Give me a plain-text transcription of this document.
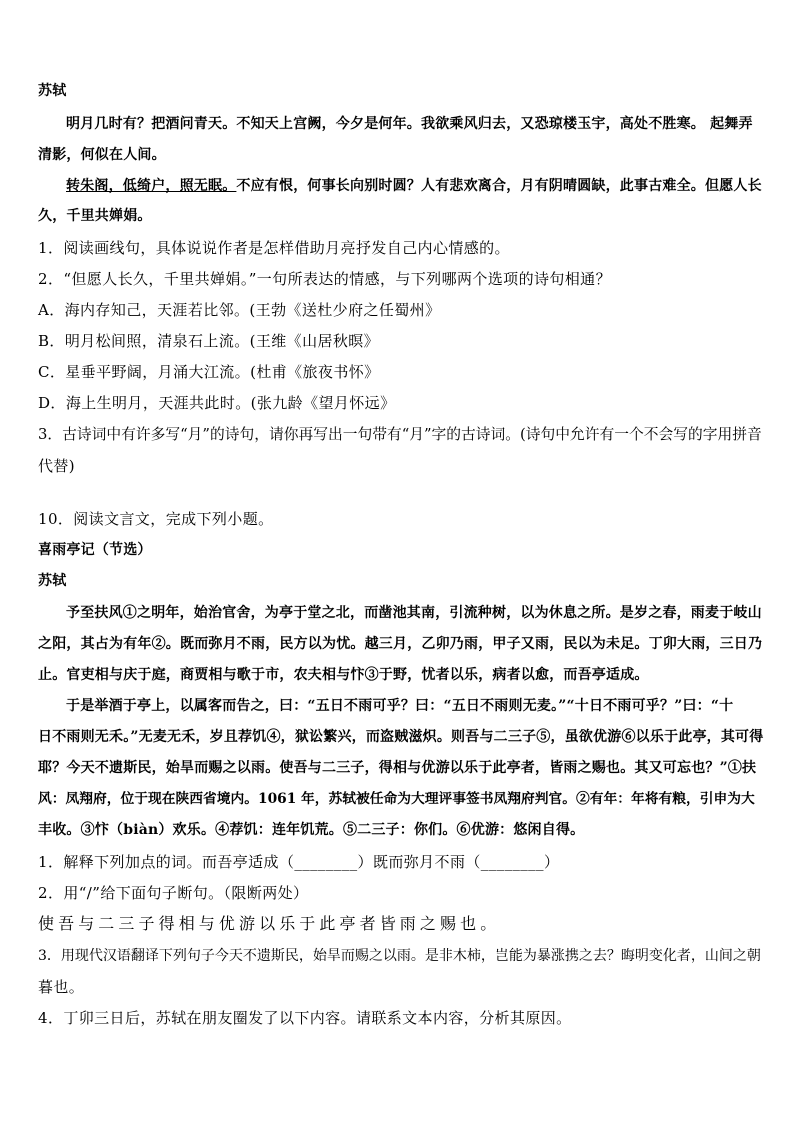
苏轼
明月几时有？把酒问青天。不知天上宫阙，今夕是何年。我欲乘风归去，又恐琼楼玉宇，高处不胜寒。 起舞弄
清影，何似在人间。
转朱阁，低绮户，照无眠。不应有恨，何事长向别时圆？人有悲欢离合，月有阴晴圆缺，此事古难全。但愿人长
久，千里共婵娟。
1．阅读画线句，具体说说作者是怎样借助月亮抒发自己内心情感的。
2．“但愿人长久，千里共婵娟。”一句所表达的情感，与下列哪两个选项的诗句相通？
A．海内存知己，天涯若比邻。(王勃《送杜少府之任蜀州》
B．明月松间照，清泉石上流。(王维《山居秋暝》
C．星垂平野阔，月涌大江流。(杜甫《旅夜书怀》
D．海上生明月，天涯共此时。(张九龄《望月怀远》
3．古诗词中有许多写“月”的诗句，请你再写出一句带有“月”字的古诗词。(诗句中允许有一个不会写的字用拼音
代替)
10．阅读文言文，完成下列小题。
喜雨亭记（节选）
苏轼
予至扶风①之明年，始治官舍，为亭于堂之北，而凿池其南，引流种树，以为休息之所。是岁之春，雨麦于岐山
之阳，其占为有年②。既而弥月不雨，民方以为忧。越三月，乙卯乃雨，甲子又雨，民以为未足。丁卯大雨，三日乃
止。官吏相与庆于庭，商贾相与歌于市，农夫相与忭③于野，忧者以乐，病者以愈，而吾亭适成。
于是举酒于亭上，以属客而告之，曰：“五日不雨可乎？曰：“五日不雨则无麦。”“十日不雨可乎？”曰：“十
日不雨则无禾。”无麦无禾，岁且荐饥④，狱讼繁兴，而盗贼滋炽。则吾与二三子⑤，虽欲优游⑥以乐于此亭，其可得
耶？今天不遗斯民，始旱而赐之以雨。使吾与二三子，得相与优游以乐于此亭者，皆雨之赐也。其又可忘也？”①扶
风：凤翔府，位于现在陕西省境内。1061 年，苏轼被任命为大理评事签书凤翔府判官。②有年：年将有粮，引申为大
丰收。③忭（biàn）欢乐。④荐饥：连年饥荒。⑤二三子：你们。⑥优游：悠闲自得。
1．解释下列加点的词。而吾亭适成（________）既而弥月不雨（________）
2．用“/”给下面句子断句。（限断两处）
使吾与二三子得相与优游以乐于此亭者皆雨之赐也。
3．用现代汉语翻译下列句子今天不遗斯民，始旱而赐之以雨。是非木柿，岂能为暴涨携之去？晦明变化者，山间之朝
暮也。
4．丁卯三日后，苏轼在朋友圈发了以下内容。请联系文本内容，分析其原因。
